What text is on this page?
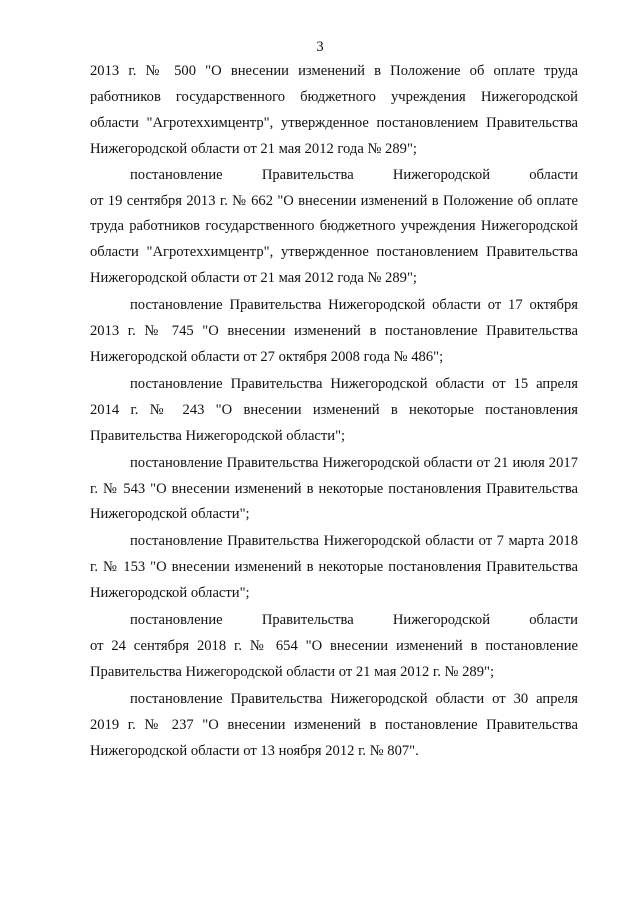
3

2013 г. № 500 "О внесении изменений в Положение об оплате труда работников государственного бюджетного учреждения Нижегородской области "Агротеххимцентр", утвержденное постановлением Правительства Нижегородской области от 21 мая 2012 года № 289";

постановление Правительства Нижегородской области

от 19 сентября 2013 г. № 662 "О внесении изменений в Положение об оплате труда работников государственного бюджетного учреждения Нижегородской области "Агротеххимцентр", утвержденное постановлением Правительства Нижегородской области от 21 мая 2012 года № 289";

постановление Правительства Нижегородской области от 17 октября 2013 г. № 745 "О внесении изменений в постановление Правительства Нижегородской области от 27 октября 2008 года № 486";

постановление Правительства Нижегородской области от 15 апреля 2014 г. № 243 "О внесении изменений в некоторые постановления Правительства Нижегородской области";

постановление Правительства Нижегородской области от 21 июля 2017 г. № 543 "О внесении изменений в некоторые постановления Правительства Нижегородской области";

постановление Правительства Нижегородской области от 7 марта 2018 г. № 153 "О внесении изменений в некоторые постановления Правительства Нижегородской области";

постановление Правительства Нижегородской области

от 24 сентября 2018 г. № 654 "О внесении изменений в постановление Правительства Нижегородской области от 21 мая 2012 г. № 289";

постановление Правительства Нижегородской области от 30 апреля 2019 г. № 237 "О внесении изменений в постановление Правительства Нижегородской области от 13 ноября 2012 г. № 807".
